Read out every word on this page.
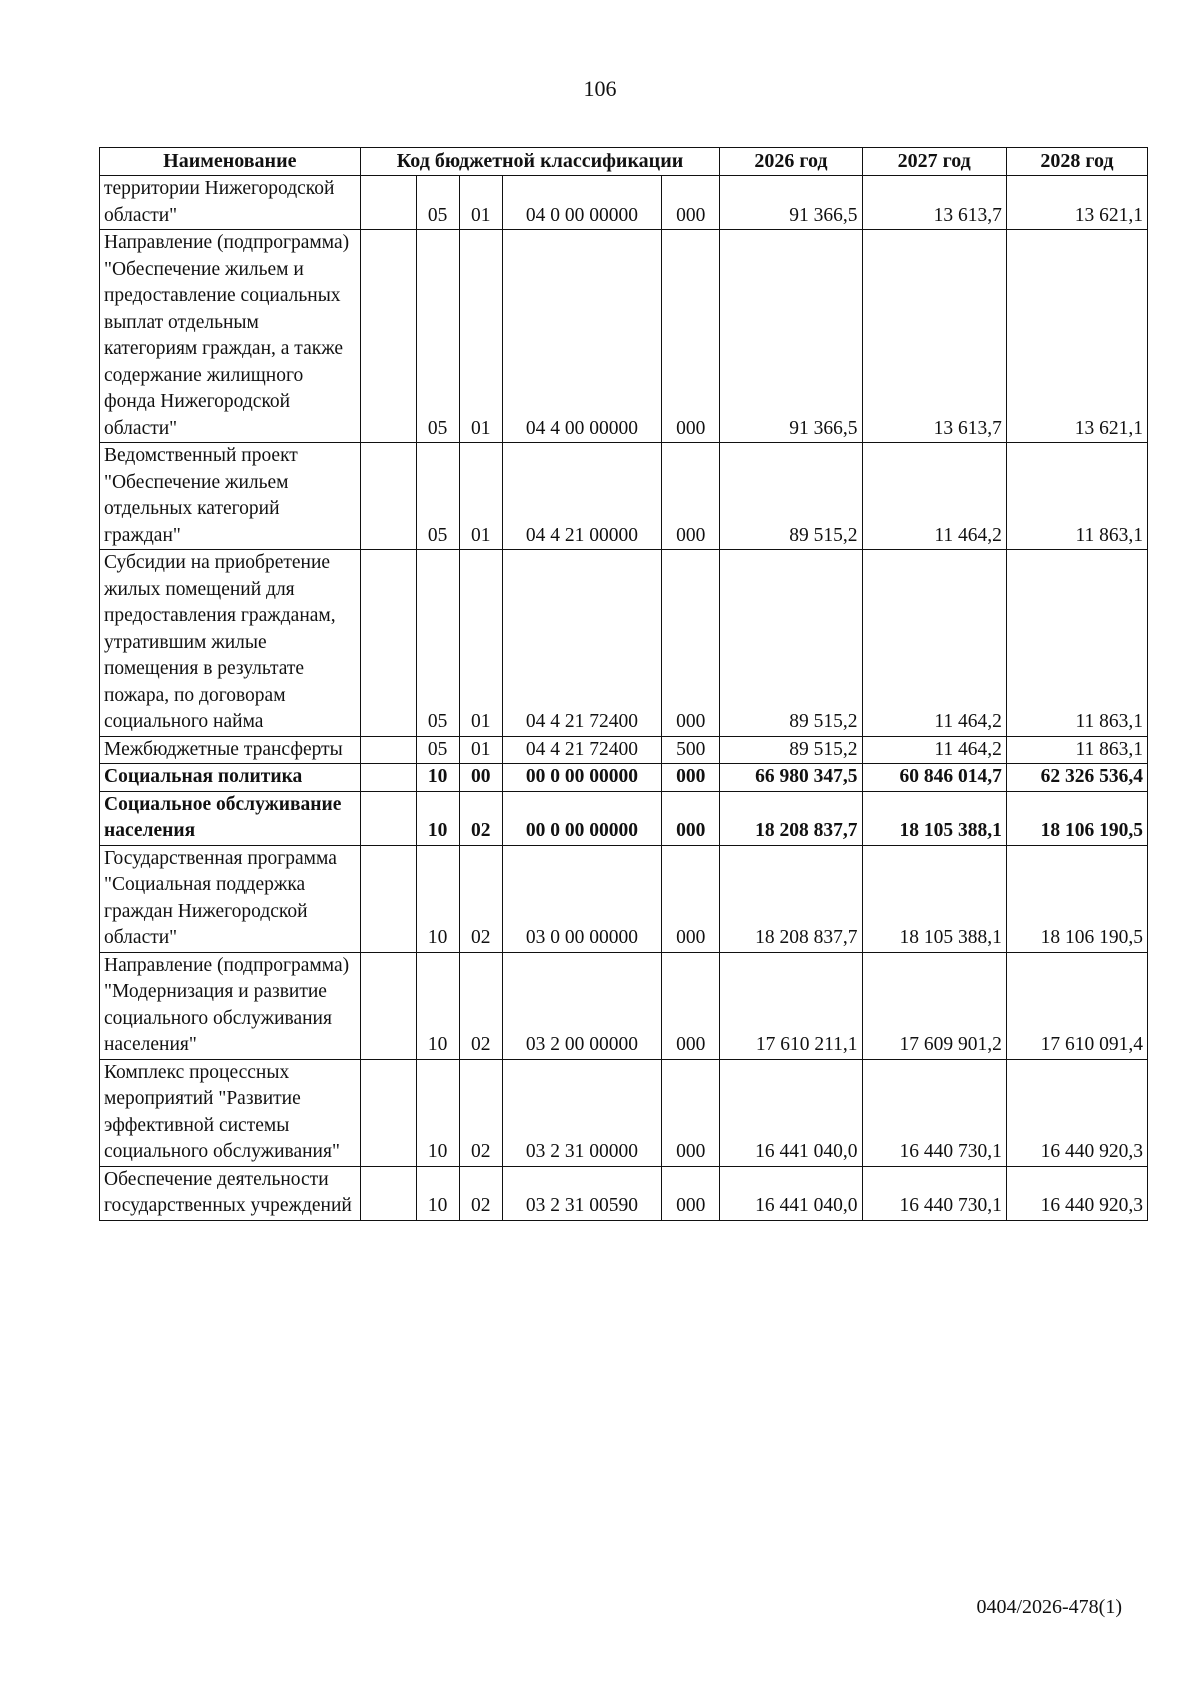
106
Наименование	Код бюджетной классификации					2026 год	2027 год	2028 год
территории Нижегородской области"		05	01	04 0 00 00000	000	91 366,5	13 613,7	13 621,1
Направление (подпрограмма) "Обеспечение жильем и предоставление социальных выплат отдельным категориям граждан, а также содержание жилищного фонда Нижегородской области"		05	01	04 4 00 00000	000	91 366,5	13 613,7	13 621,1
Ведомственный проект "Обеспечение жильем отдельных категорий граждан"		05	01	04 4 21 00000	000	89 515,2	11 464,2	11 863,1
Субсидии на приобретение жилых помещений для предоставления гражданам, утратившим жилые помещения в результате пожара, по договорам социального найма		05	01	04 4 21 72400	000	89 515,2	11 464,2	11 863,1
Межбюджетные трансферты		05	01	04 4 21 72400	500	89 515,2	11 464,2	11 863,1
Социальная политика		10	00	00 0 00 00000	000	66 980 347,5	60 846 014,7	62 326 536,4
Социальное обслуживание населения		10	02	00 0 00 00000	000	18 208 837,7	18 105 388,1	18 106 190,5
Государственная программа "Социальная поддержка граждан Нижегородской области"		10	02	03 0 00 00000	000	18 208 837,7	18 105 388,1	18 106 190,5
Направление (подпрограмма) "Модернизация и развитие социального обслуживания населения"		10	02	03 2 00 00000	000	17 610 211,1	17 609 901,2	17 610 091,4
Комплекс процессных мероприятий "Развитие эффективной системы социального обслуживания"		10	02	03 2 31 00000	000	16 441 040,0	16 440 730,1	16 440 920,3
Обеспечение деятельности государственных учреждений		10	02	03 2 31 00590	000	16 441 040,0	16 440 730,1	16 440 920,3
0404/2026-478(1)
